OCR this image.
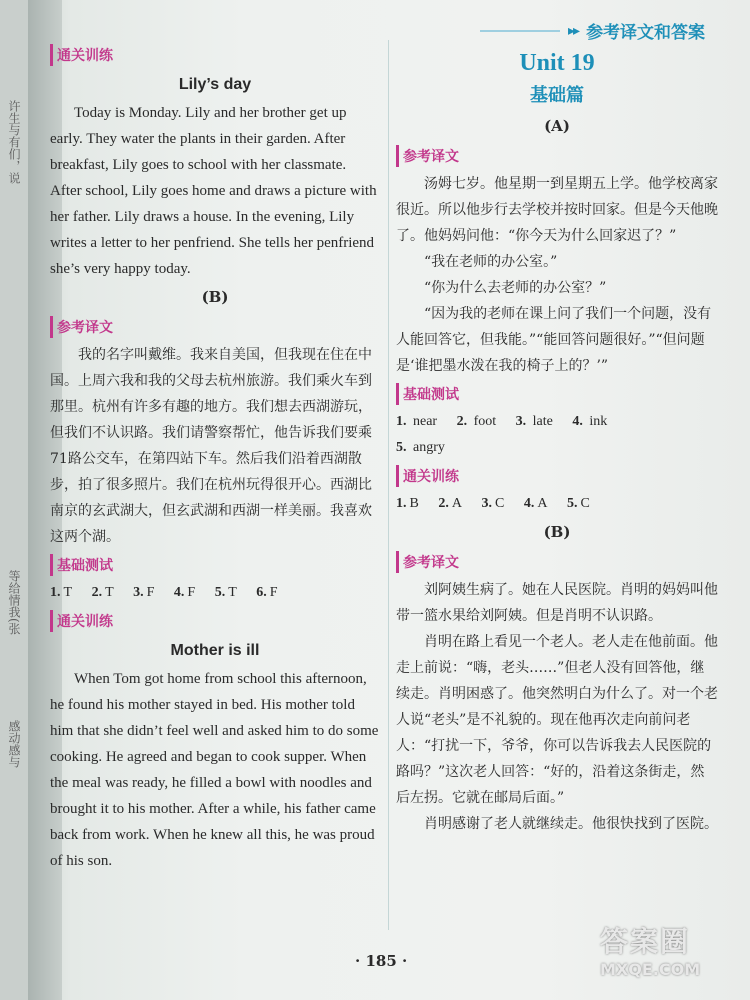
许生与有们，说
等给情我(张
感动感与
▸▸ 参考译文和答案
通关训练
Lily’s day

Today is Monday. Lily and her brother get up early. They water the plants in their garden. After breakfast, Lily goes to school with her classmate. After school, Lily goes home and draws a picture with her father. Lily draws a house. In the evening, Lily writes a letter to her penfriend. She tells her penfriend she’s very happy today.

(B)
参考译文

我的名字叫戴维。我来自美国，但我现在住在中国。上周六我和我的父母去杭州旅游。我们乘火车到那里。杭州有许多有趣的地方。我们想去西湖游玩，但我们不认识路。我们请警察帮忙，他告诉我们要乘71路公交车，在第四站下车。然后我们沿着西湖散步，拍了很多照片。我们在杭州玩得很开心。西湖比南京的玄武湖大，但玄武湖和西湖一样美丽。我喜欢这两个湖。

基础测试
1. T 2. T 3. F 4. F 5. T 6. F
通关训练
Mother is ill

When Tom got home from school this afternoon, he found his mother stayed in bed. His mother told him that she didn’t feel well and asked him to do some cooking. He agreed and began to cook supper. When the meal was ready, he filled a bowl with noodles and brought it to his mother. After a while, his father came back from work. When he knew all this, he was proud of his son.

Unit 19
基础篇
(A)
参考译文

汤姆七岁。他星期一到星期五上学。他学校离家很近。所以他步行去学校并按时回家。但是今天他晚了。他妈妈问他：“你今天为什么回家迟了？”

“我在老师的办公室。”

“你为什么去老师的办公室？”

“因为我的老师在课上问了我们一个问题，没有人能回答它，但我能。”“能回答问题很好。”“但问题是‘谁把墨水泼在我的椅子上的？’”

基础测试
1. near 2. foot 3. late 4. ink
5. angry
通关训练
1. B 2. A 3. C 4. A 5. C
(B)
参考译文

刘阿姨生病了。她在人民医院。肖明的妈妈叫他带一篮水果给刘阿姨。但是肖明不认识路。

肖明在路上看见一个老人。老人走在他前面。他走上前说：“嗨，老头……”但老人没有回答他，继续走。肖明困惑了。他突然明白为什么了。对一个老人说“老头”是不礼貌的。现在他再次走向前问老人：“打扰一下，爷爷，你可以告诉我去人民医院的路吗？”这次老人回答：“好的，沿着这条街走，然后左拐。它就在邮局后面。”

肖明感谢了老人就继续走。他很快找到了医院。

· 185 ·
答案圈
MXQE.COM
